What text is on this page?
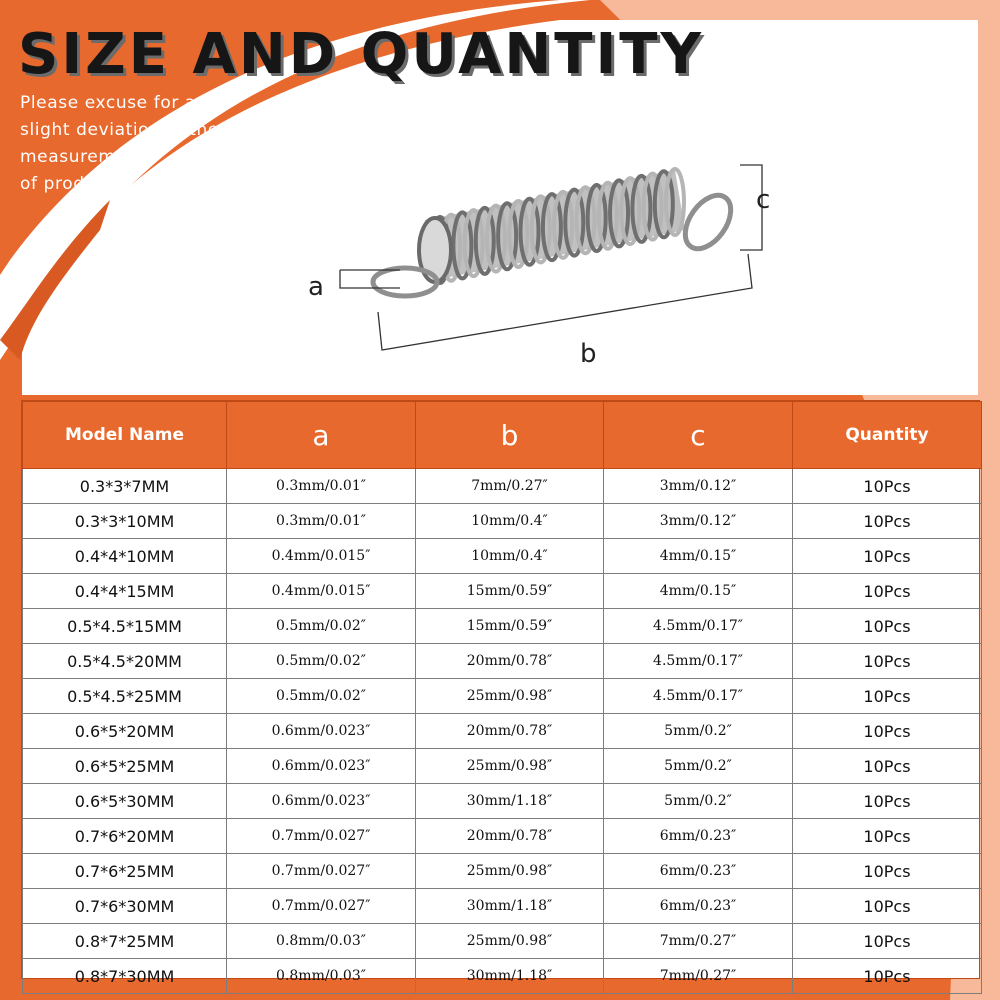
SIZE AND QUANTITY
Please excuse for a
slight deviation in the
measurements
of product.
a
b
c
Model Name	a	b	c	Quantity
0.3*3*7MM	0.3mm/0.01″	7mm/0.27″	3mm/0.12″	10Pcs
0.3*3*10MM	0.3mm/0.01″	10mm/0.4″	3mm/0.12″	10Pcs
0.4*4*10MM	0.4mm/0.015″	10mm/0.4″	4mm/0.15″	10Pcs
0.4*4*15MM	0.4mm/0.015″	15mm/0.59″	4mm/0.15″	10Pcs
0.5*4.5*15MM	0.5mm/0.02″	15mm/0.59″	4.5mm/0.17″	10Pcs
0.5*4.5*20MM	0.5mm/0.02″	20mm/0.78″	4.5mm/0.17″	10Pcs
0.5*4.5*25MM	0.5mm/0.02″	25mm/0.98″	4.5mm/0.17″	10Pcs
0.6*5*20MM	0.6mm/0.023″	20mm/0.78″	5mm/0.2″	10Pcs
0.6*5*25MM	0.6mm/0.023″	25mm/0.98″	5mm/0.2″	10Pcs
0.6*5*30MM	0.6mm/0.023″	30mm/1.18″	5mm/0.2″	10Pcs
0.7*6*20MM	0.7mm/0.027″	20mm/0.78″	6mm/0.23″	10Pcs
0.7*6*25MM	0.7mm/0.027″	25mm/0.98″	6mm/0.23″	10Pcs
0.7*6*30MM	0.7mm/0.027″	30mm/1.18″	6mm/0.23″	10Pcs
0.8*7*25MM	0.8mm/0.03″	25mm/0.98″	7mm/0.27″	10Pcs
0.8*7*30MM	0.8mm/0.03″	30mm/1.18″	7mm/0.27″	10Pcs
